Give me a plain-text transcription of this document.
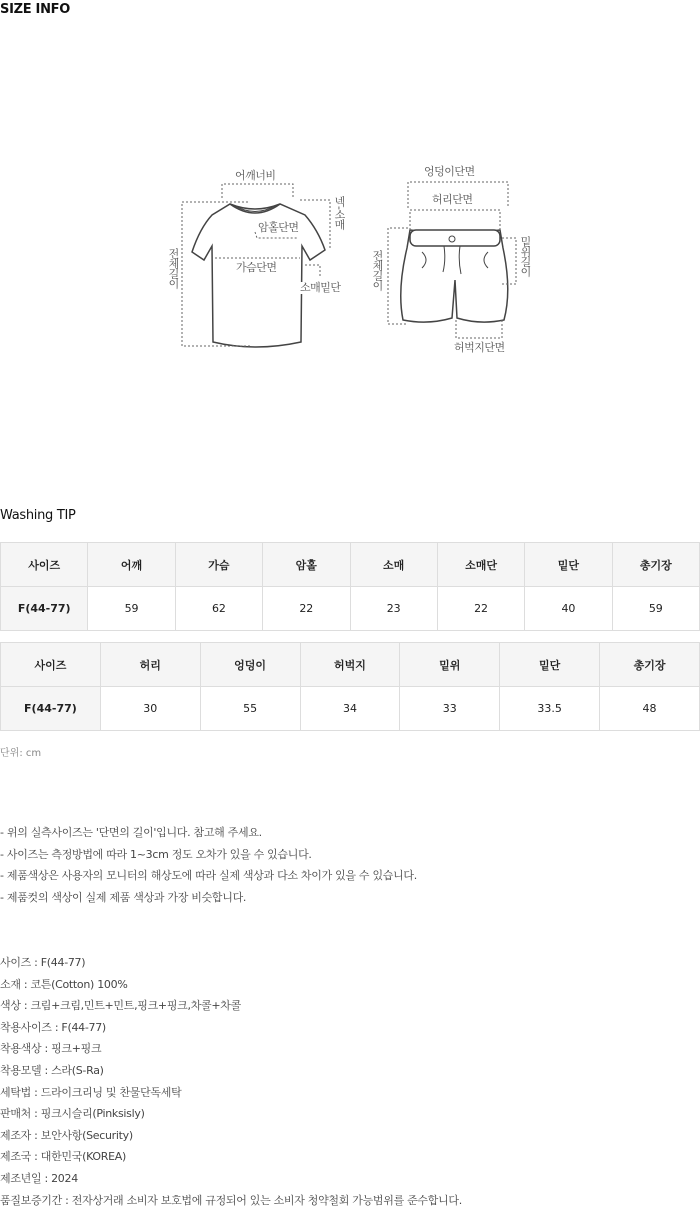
SIZE INFO
어깨너비
암홀단면
가슴단면
넥-소매
소매밑단
전체길이
엉덩이단면
허리단면
밑위길이
전체길이
허벅지단면
Washing TIP
사이즈	어깨	가슴	암홀	소매	소매단	밑단	총기장
F(44-77)	59	62	22	23	22	40	59
사이즈	허리	엉덩이	허벅지	밑위	밑단	총기장
F(44-77)	30	55	34	33	33.5	48
단위: cm

- 위의 실측사이즈는 '단면의 길이'입니다. 참고해 주세요.

- 사이즈는 측정방법에 따라 1~3cm 정도 오차가 있을 수 있습니다.

- 제품색상은 사용자의 모니터의 해상도에 따라 실제 색상과 다소 차이가 있을 수 있습니다.

- 제품컷의 색상이 실제 제품 색상과 가장 비슷합니다.

사이즈 : F(44-77)

소재 : 코튼(Cotton) 100%

색상 : 크림+크림,민트+민트,핑크+핑크,차콜+차콜

착용사이즈 : F(44-77)

착용색상 : 핑크+핑크

착용모델 : 스라(S-Ra)

세탁법 : 드라이크리닝 및 찬물단독세탁

판매처 : 핑크시슬리(Pinksisly)

제조자 : 보안사항(Security)

제조국 : 대한민국(KOREA)

제조년일 : 2024

품질보증기간 : 전자상거래 소비자 보호법에 규정되어 있는 소비자 청약철회 가능범위를 준수합니다.
